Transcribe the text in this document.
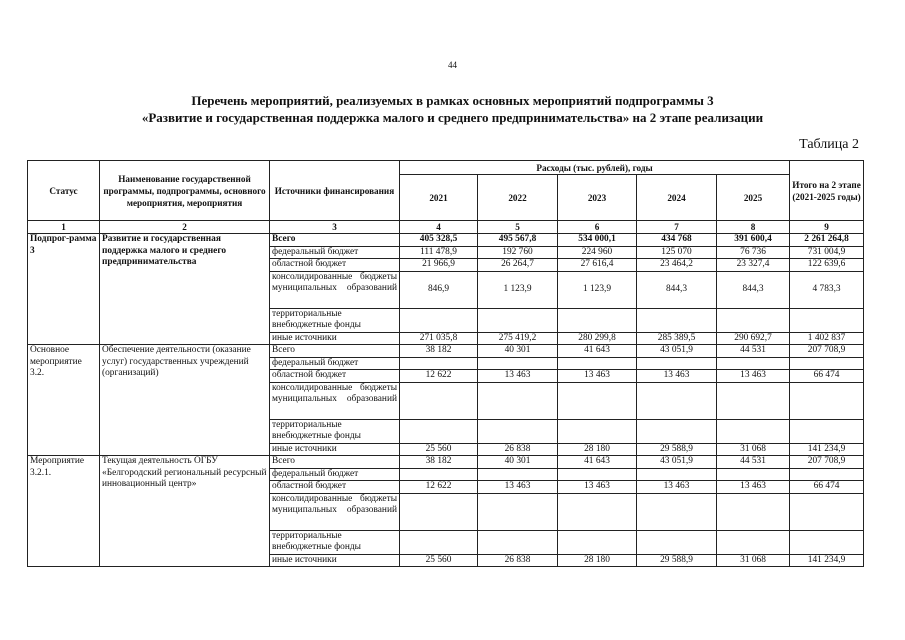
44
Перечень мероприятий, реализуемых в рамках основных мероприятий подпрограммы 3
«Развитие и государственная поддержка малого и среднего предпринимательства» на 2 этапе реализации
Таблица 2
Статус	Наименование государственной программы, подпрограммы, основного мероприятия, мероприятия	Источники финансирования	Расходы (тыс. рублей), годы					Итого на 2 этапе (2021-2025 годы)
			2021	2022	2023	2024	2025	
1	2	3	4	5	6	7	8	9
Подпрог-рамма 3	Развитие и государственная поддержка малого и среднего предпринимательства	Всего	405 328,5	495 567,8	534 000,1	434 768	391 600,4	2 261 264,8
		федеральный бюджет	111 478,9	192 760	224 960	125 070	76 736	731 004,9
		областной бюджет	21 966,9	26 264,7	27 616,4	23 464,2	23 327,4	122 639,6
		консолидированные бюджеты муниципальных образований	846,9	1 123,9	1 123,9	844,3	844,3	4 783,3
		территориальные внебюджетные фонды						
		иные источники	271 035,8	275 419,2	280 299,8	285 389,5	290 692,7	1 402 837
Основное мероприятие 3.2.	Обеспечение деятельности (оказание услуг) государственных учреждений (организаций)	Всего	38 182	40 301	41 643	43 051,9	44 531	207 708,9
		федеральный бюджет						
		областной бюджет	12 622	13 463	13 463	13 463	13 463	66 474
		консолидированные бюджеты муниципальных образований						
		территориальные внебюджетные фонды						
		иные источники	25 560	26 838	28 180	29 588,9	31 068	141 234,9
Мероприятие 3.2.1.	Текущая деятельность ОГБУ «Белгородский региональный ресурсный инновационный центр»	Всего	38 182	40 301	41 643	43 051,9	44 531	207 708,9
		федеральный бюджет						
		областной бюджет	12 622	13 463	13 463	13 463	13 463	66 474
		консолидированные бюджеты муниципальных образований						
		территориальные внебюджетные фонды						
		иные источники	25 560	26 838	28 180	29 588,9	31 068	141 234,9
